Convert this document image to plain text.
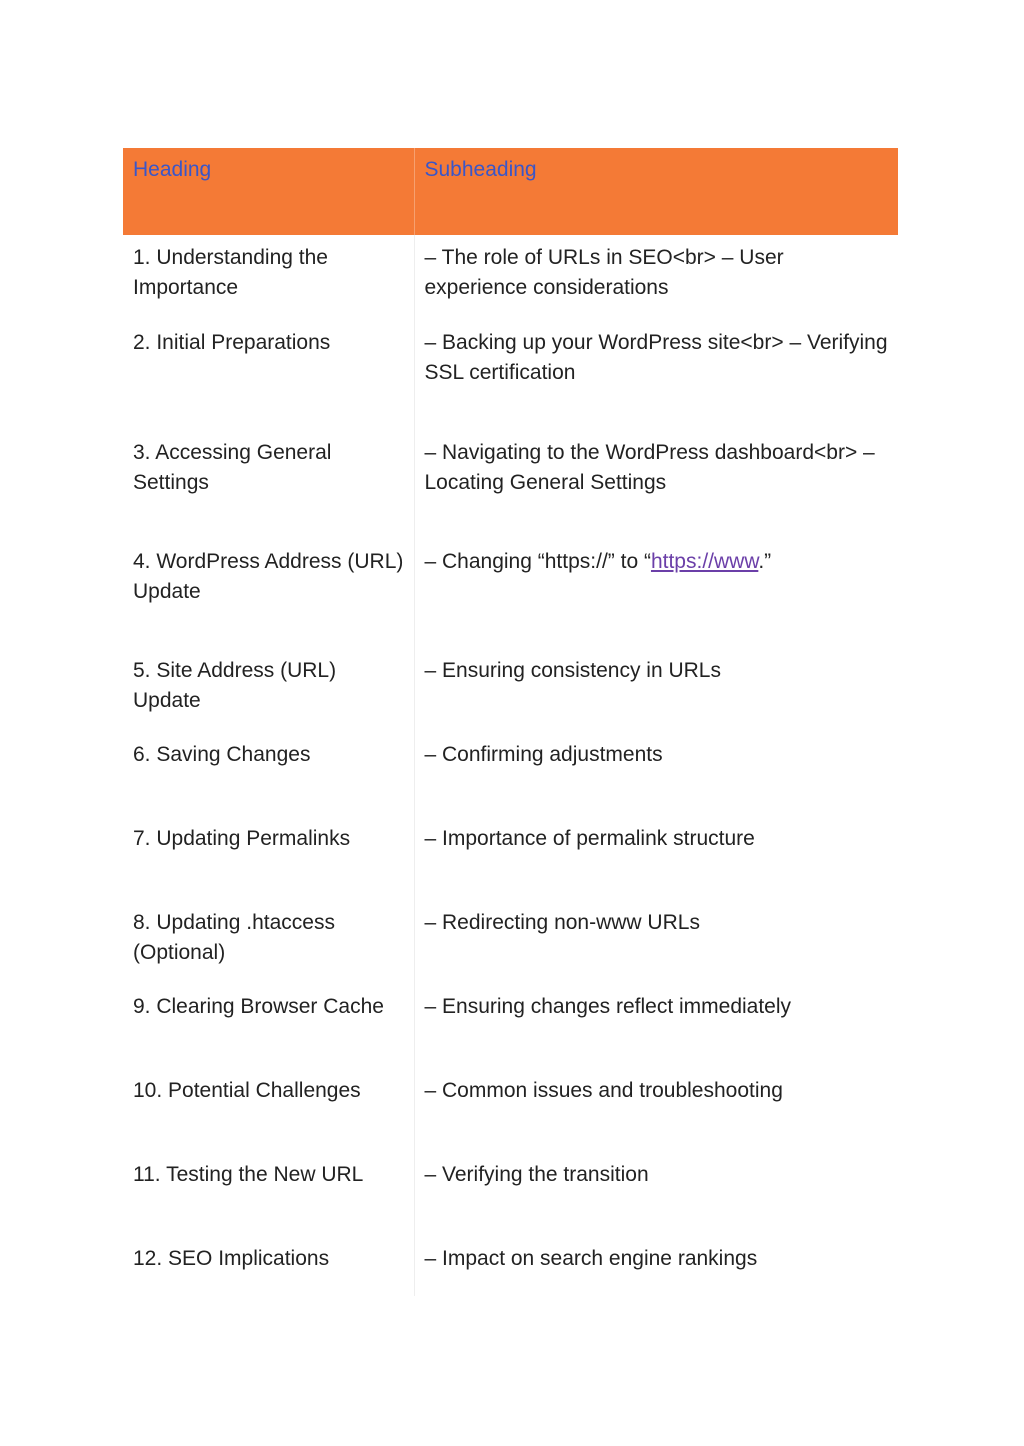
Heading	Subheading
1. Understanding the Importance	– The role of URLs in SEO<br> – User experience considerations
2. Initial Preparations	– Backing up your WordPress site<br> – Verifying SSL certification
3. Accessing General Settings	– Navigating to the WordPress dashboard<br> – Locating General Settings
4. WordPress Address (URL) Update	– Changing “https://” to “https://www.”
5. Site Address (URL) Update	– Ensuring consistency in URLs
6. Saving Changes	– Confirming adjustments
7. Updating Permalinks	– Importance of permalink structure
8. Updating .htaccess (Optional)	– Redirecting non-www URLs
9. Clearing Browser Cache	– Ensuring changes reflect immediately
10. Potential Challenges	– Common issues and troubleshooting
11. Testing the New URL	– Verifying the transition
12. SEO Implications	– Impact on search engine rankings
